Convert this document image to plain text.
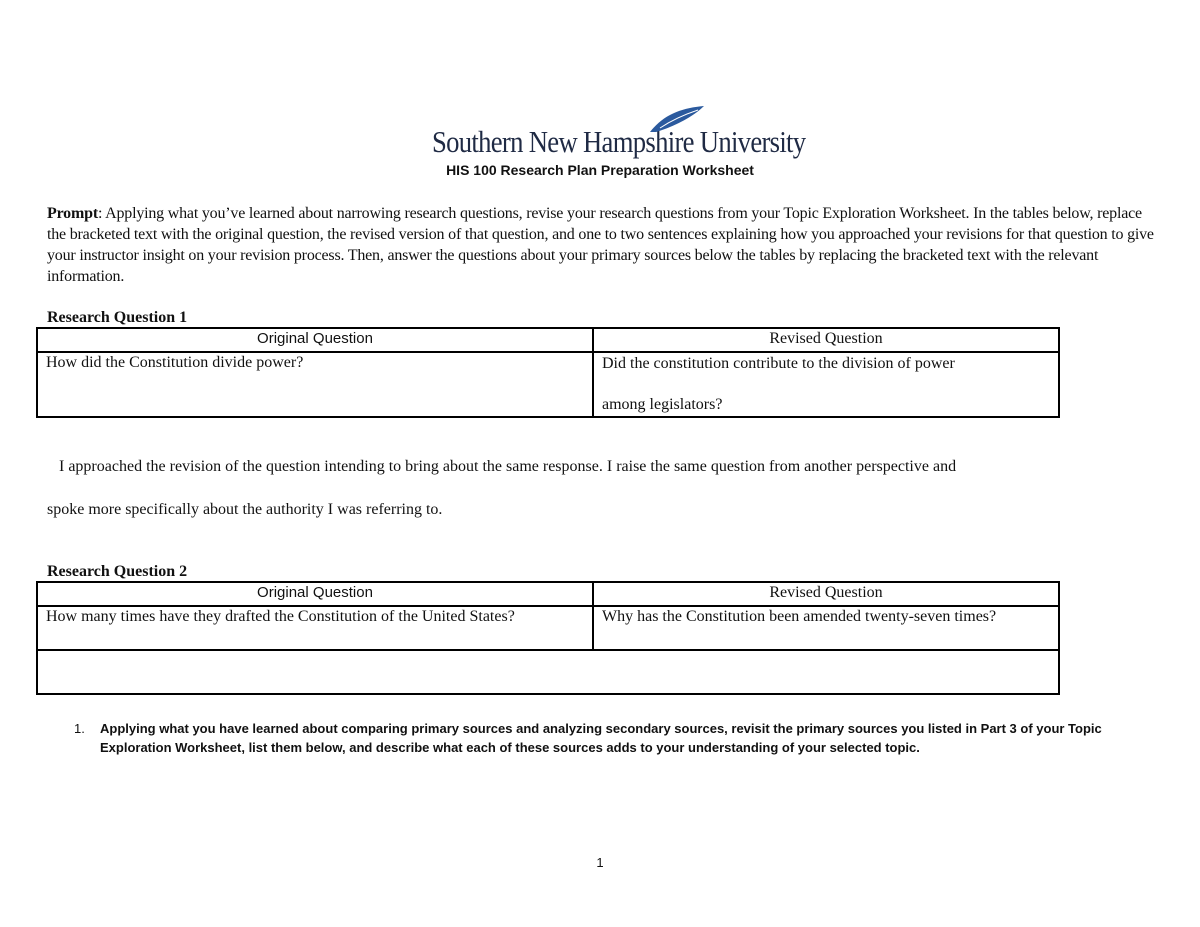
Southern New Hampshire University
HIS 100 Research Plan Preparation Worksheet
Prompt: Applying what you’ve learned about narrowing research questions, revise your research questions from your Topic Exploration Worksheet. In the tables below, replace the bracketed text with the original question, the revised version of that question, and one to two sentences explaining how you approached your revisions for that question to give your instructor insight on your revision process. Then, answer the questions about your primary sources below the tables by replacing the bracketed text with the relevant information.
Research Question 1
Original Question	Revised Question
How did the Constitution divide power?	Did the constitution contribute to the division of power
among legislators?
I approached the revision of the question intending to bring about the same response. I raise the same question from another perspective and
spoke more specifically about the authority I was referring to.
Research Question 2
Original Question	Revised Question
How many times have they drafted the Constitution of the United States?	Why has the Constitution been amended twenty-seven times?

1. Applying what you have learned about comparing primary sources and analyzing secondary sources, revisit the primary sources you listed in Part 3 of your Topic Exploration Worksheet, list them below, and describe what each of these sources adds to your understanding of your selected topic.
1
